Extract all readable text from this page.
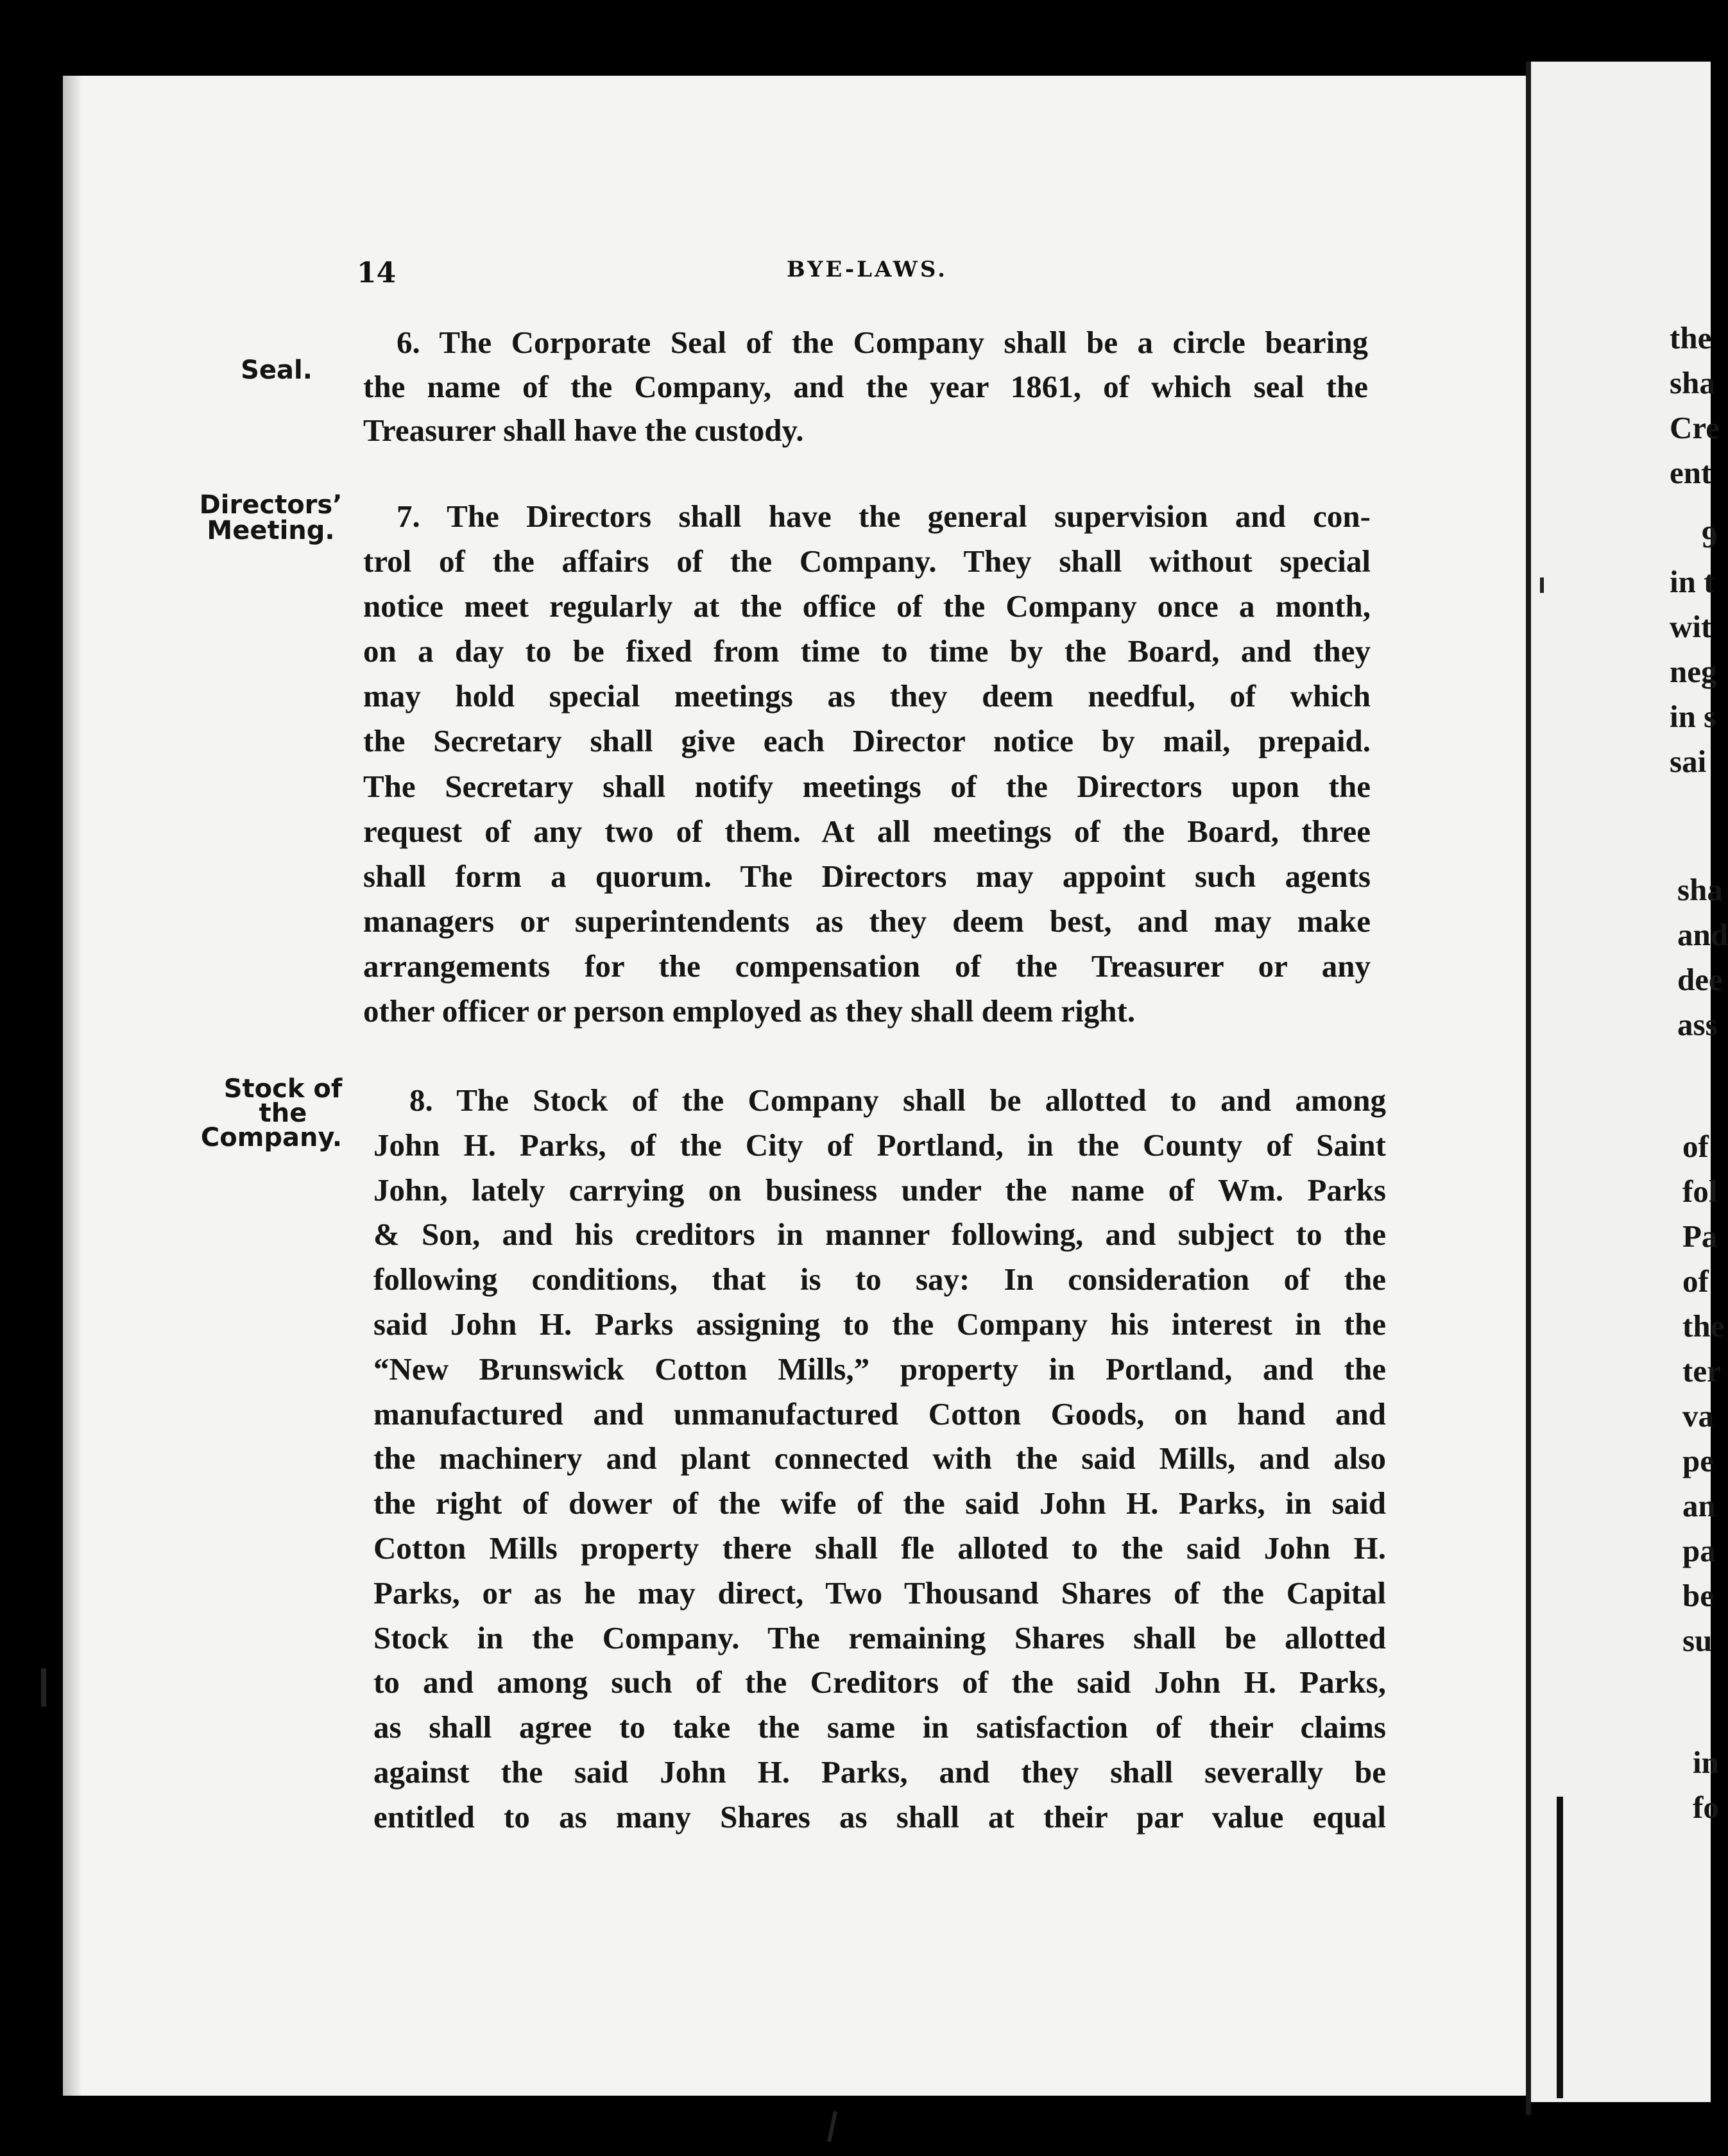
14	BYE-LAWS.
Seal.
Directors’
Meeting.
Stock of
the
Company.
6. The Corporate Seal of the Company shall be a circle bearing
the name of the Company, and the year 1861, of which seal the
Treasurer shall have the custody.
7. The Directors shall have the general supervision and con-
trol of the affairs of the Company. They shall without special
notice meet regularly at the office of the Company once a month,
on a day to be fixed from time to time by the Board, and they
may hold special meetings as they deem needful, of which
the Secretary shall give each Director notice by mail, prepaid.
The Secretary shall notify meetings of the Directors upon the
request of any two of them. At all meetings of the Board, three
shall form a quorum. The Directors may appoint such agents
managers or superintendents as they deem best, and may make
arrangements for the compensation of the Treasurer or any
other officer or person employed as they shall deem right.
8. The Stock of the Company shall be allotted to and among
John H. Parks, of the City of Portland, in the County of Saint
John, lately carrying on business under the name of Wm. Parks
& Son, and his creditors in manner following, and subject to the
following conditions, that is to say: In consideration of the
said John H. Parks assigning to the Company his interest in the
“New Brunswick Cotton Mills,” property in Portland, and the
manufactured and unmanufactured Cotton Goods, on hand and
the machinery and plant connected with the said Mills, and also
the right of dower of the wife of the said John H. Parks, in said
Cotton Mills property there shall fle alloted to the said John H.
Parks, or as he may direct, Two Thousand Shares of the Capital
Stock in the Company. The remaining Shares shall be allotted
to and among such of the Creditors of the said John H. Parks,
as shall agree to take the same in satisfaction of their claims
against the said John H. Parks, and they shall severally be
entitled to as many Shares as shall at their par value equal
the
sha
Cre
ent
9
in t
wit
neg
in s
sai
sha
and
dee
ass
of
fol
Pa
of
the
ter
va
pe
an
pa
be
su
in
fo
